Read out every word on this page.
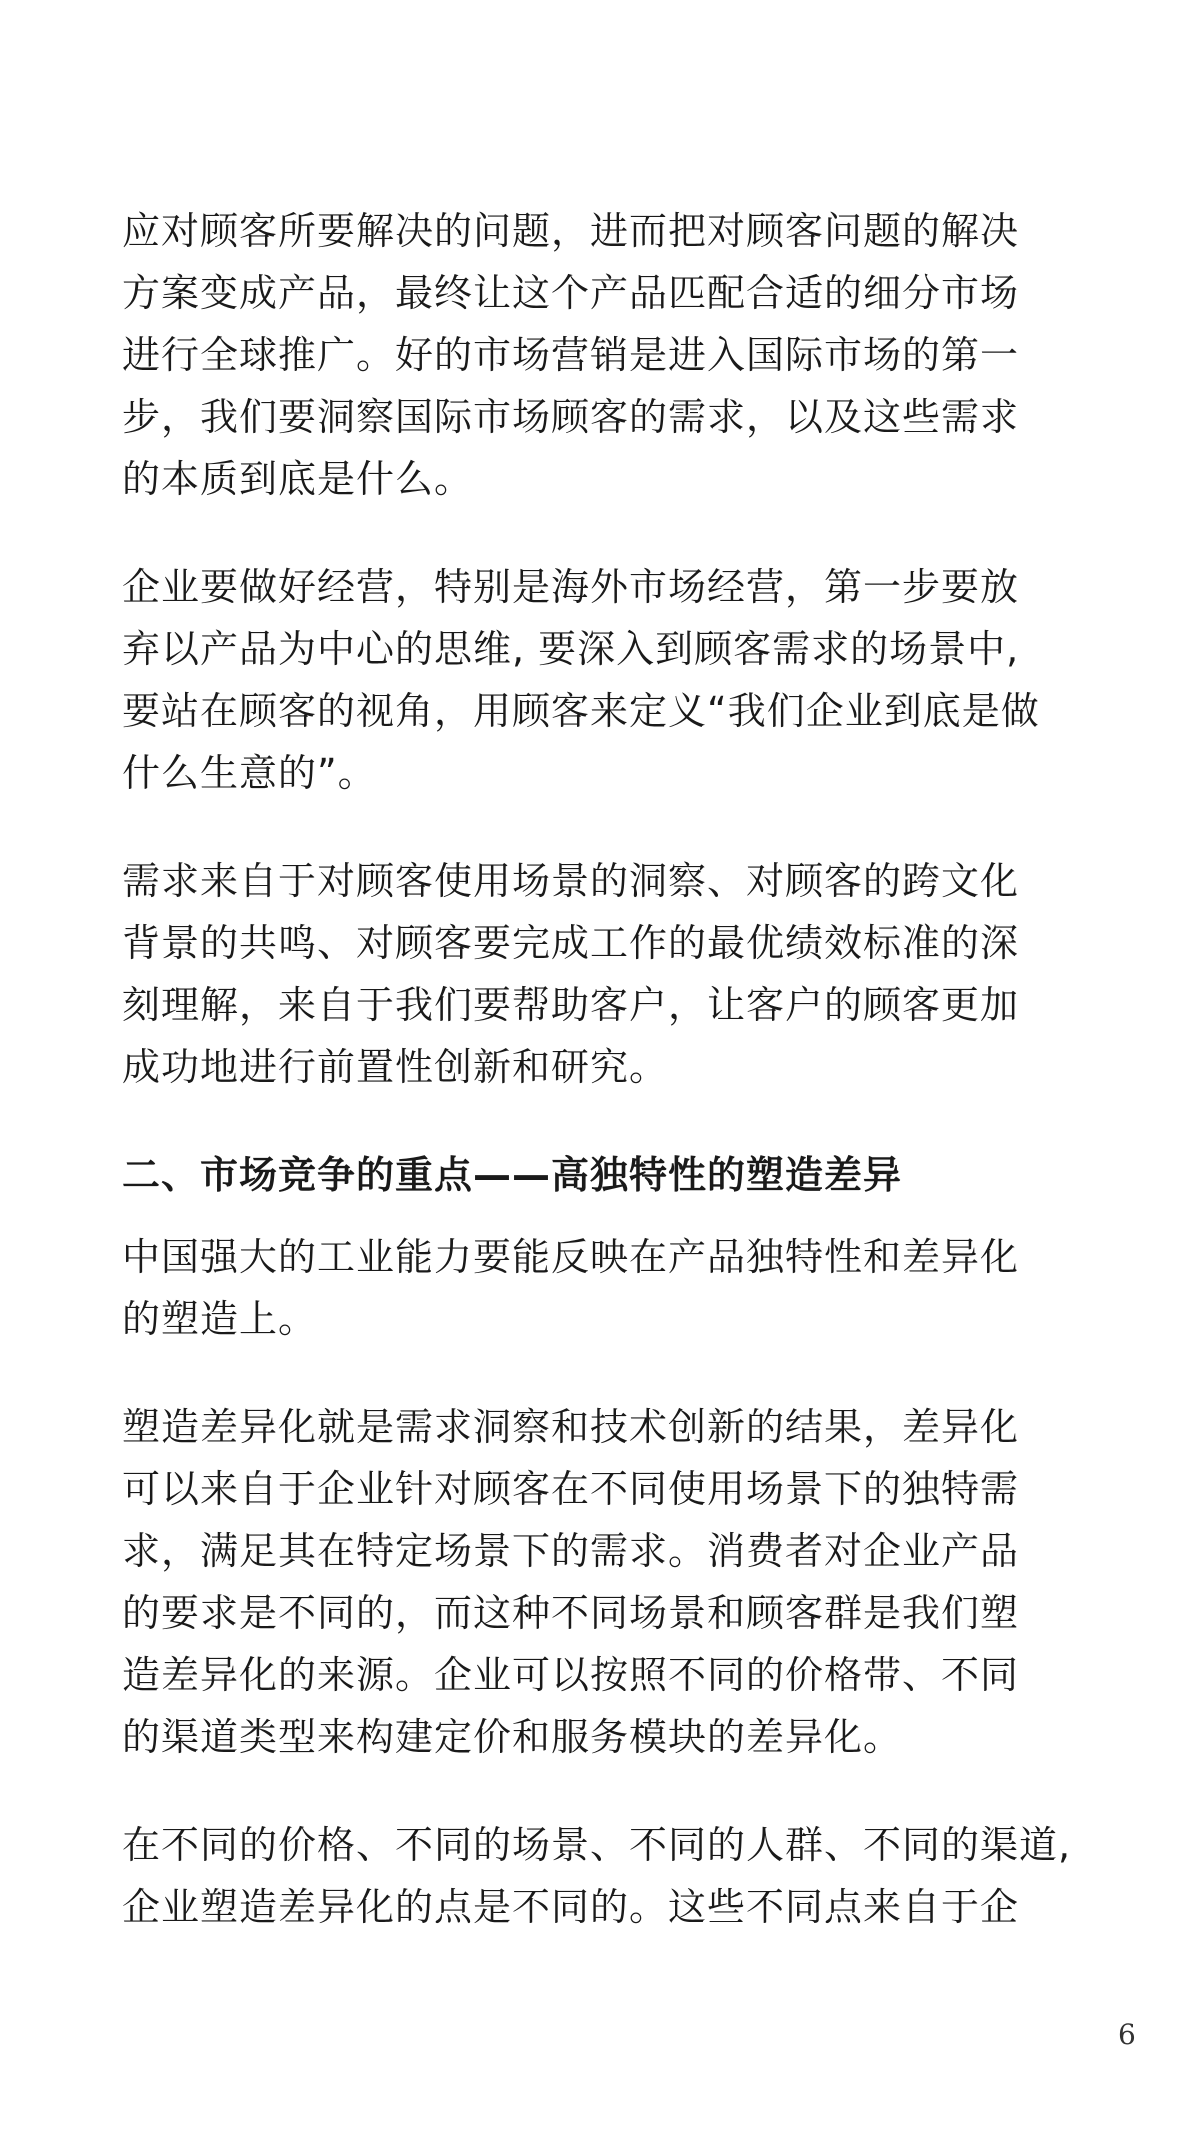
应对顾客所要解决的问题，进而把对顾客问题的解决
方案变成产品，最终让这个产品匹配合适的细分市场
进行全球推广。好的市场营销是进入国际市场的第一
步，我们要洞察国际市场顾客的需求，以及这些需求
的本质到底是什么。
企业要做好经营，特别是海外市场经营，第一步要放
弃以产品为中心的思维, 要深入到顾客需求的场景中,
要站在顾客的视角，用顾客来定义“我们企业到底是做
什么生意的”。
需求来自于对顾客使用场景的洞察、对顾客的跨文化
背景的共鸣、对顾客要完成工作的最优绩效标准的深
刻理解，来自于我们要帮助客户，让客户的顾客更加
成功地进行前置性创新和研究。
二、市场竞争的重点——高独特性的塑造差异
中国强大的工业能力要能反映在产品独特性和差异化
的塑造上。
塑造差异化就是需求洞察和技术创新的结果，差异化
可以来自于企业针对顾客在不同使用场景下的独特需
求，满足其在特定场景下的需求。消费者对企业产品
的要求是不同的，而这种不同场景和顾客群是我们塑
造差异化的来源。企业可以按照不同的价格带、不同
的渠道类型来构建定价和服务模块的差异化。
在不同的价格、不同的场景、不同的人群、不同的渠道,
企业塑造差异化的点是不同的。这些不同点来自于企
6
